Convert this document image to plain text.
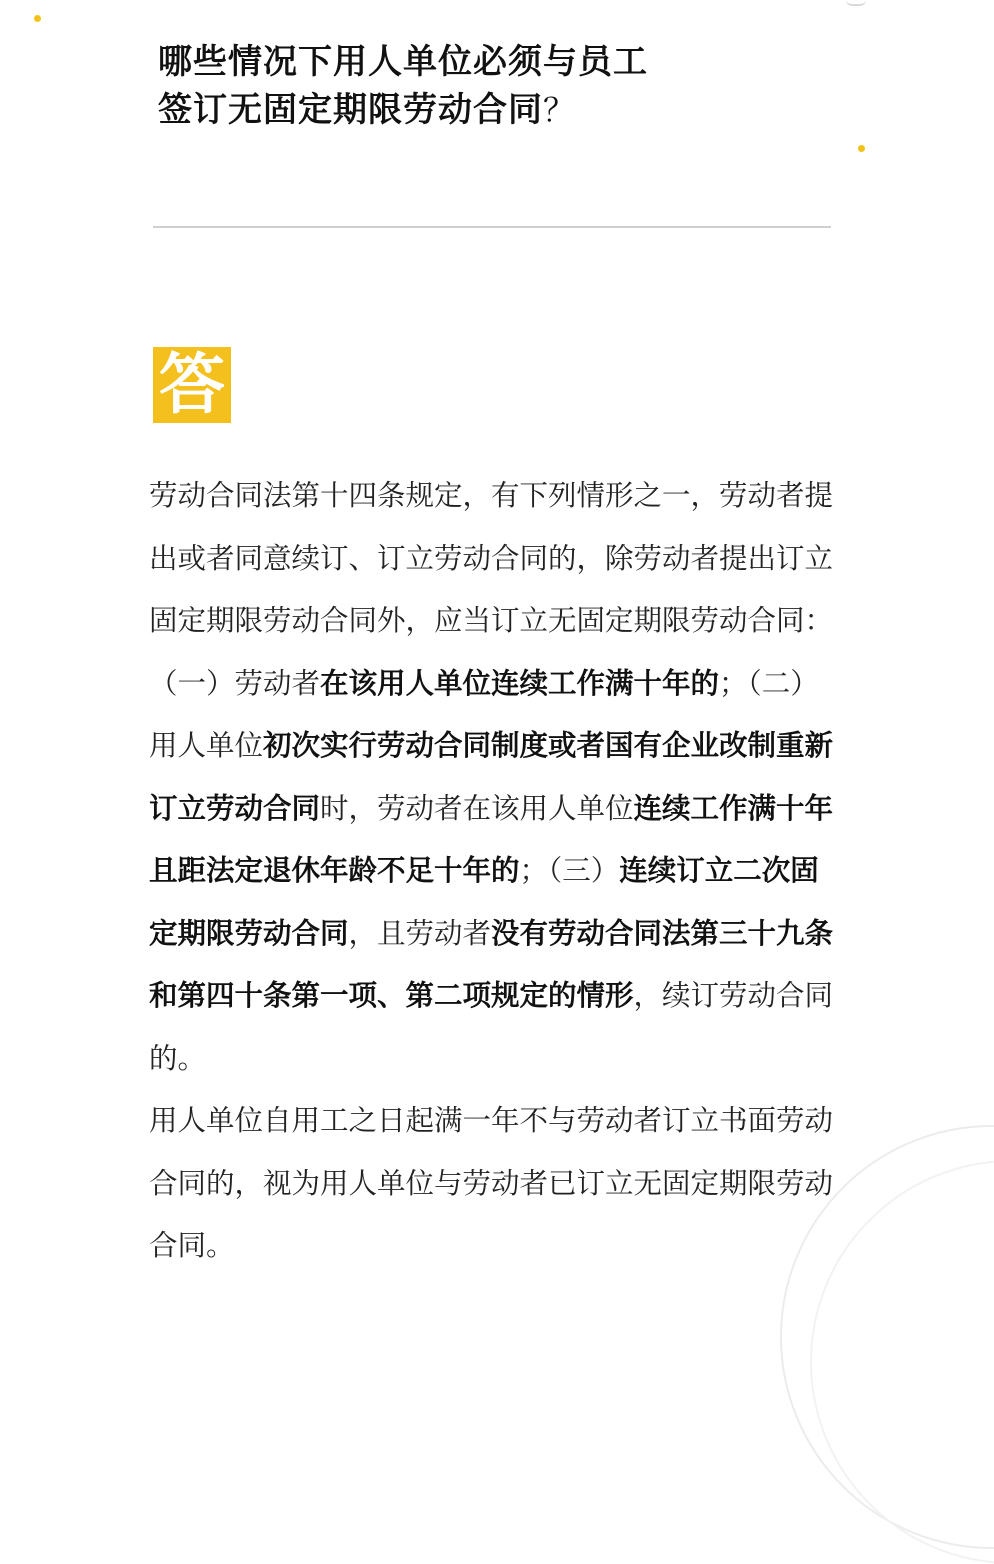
哪些情况下用人单位必须与员工
签订无固定期限劳动合同？
答

劳动合同法第十四条规定，有下列情形之一，劳动者提出或者同意续订、订立劳动合同的，除劳动者提出订立固定期限劳动合同外，应当订立无固定期限劳动合同：（一）劳动者在该用人单位连续工作满十年的；（二）用人单位初次实行劳动合同制度或者国有企业改制重新订立劳动合同时，劳动者在该用人单位连续工作满十年且距法定退休年龄不足十年的；（三）连续订立二次固定期限劳动合同，且劳动者没有劳动合同法第三十九条和第四十条第一项、第二项规定的情形，续订劳动合同的。

用人单位自用工之日起满一年不与劳动者订立书面劳动合同的，视为用人单位与劳动者已订立无固定期限劳动合同。
